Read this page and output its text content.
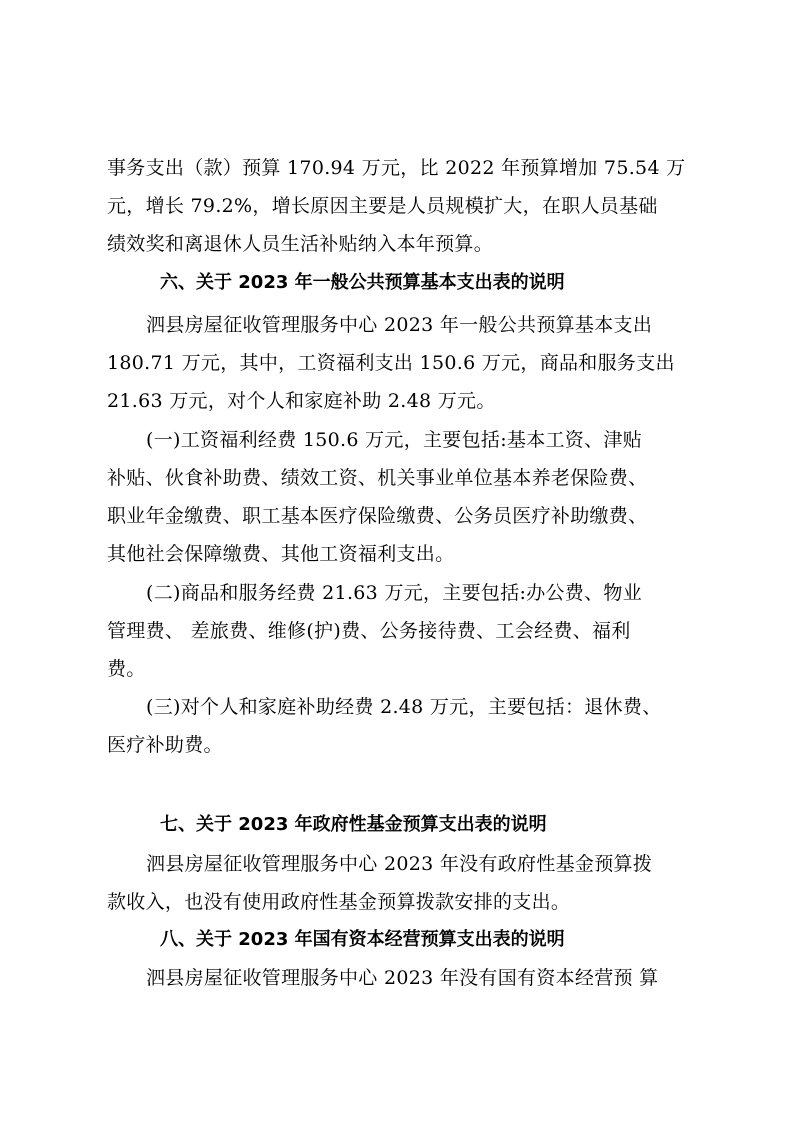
事务支出（款）预算 170.94 万元，比 2022 年预算增加 75.54 万
元，增长 79.2%，增长原因主要是人员规模扩大，在职人员基础
绩效奖和离退休人员生活补贴纳入本年预算。
六、关于 2023 年一般公共预算基本支出表的说明
泗县房屋征收管理服务中心 2023 年一般公共预算基本支出
180.71 万元，其中，工资福利支出 150.6 万元，商品和服务支出
21.63 万元，对个人和家庭补助 2.48 万元。
(一)工资福利经费 150.6 万元，主要包括:基本工资、津贴
补贴、伙食补助费、绩效工资、机关事业单位基本养老保险费、
职业年金缴费、职工基本医疗保险缴费、公务员医疗补助缴费、
其他社会保障缴费、其他工资福利支出。
(二)商品和服务经费 21.63 万元，主要包括:办公费、物业
管理费、 差旅费、维修(护)费、公务接待费、工会经费、福利
费。
(三)对个人和家庭补助经费 2.48 万元，主要包括：退休费、
医疗补助费。
七、关于 2023 年政府性基金预算支出表的说明
泗县房屋征收管理服务中心 2023 年没有政府性基金预算拨
款收入，也没有使用政府性基金预算拨款安排的支出。
八、关于 2023 年国有资本经营预算支出表的说明
泗县房屋征收管理服务中心 2023 年没有国有资本经营预 算
